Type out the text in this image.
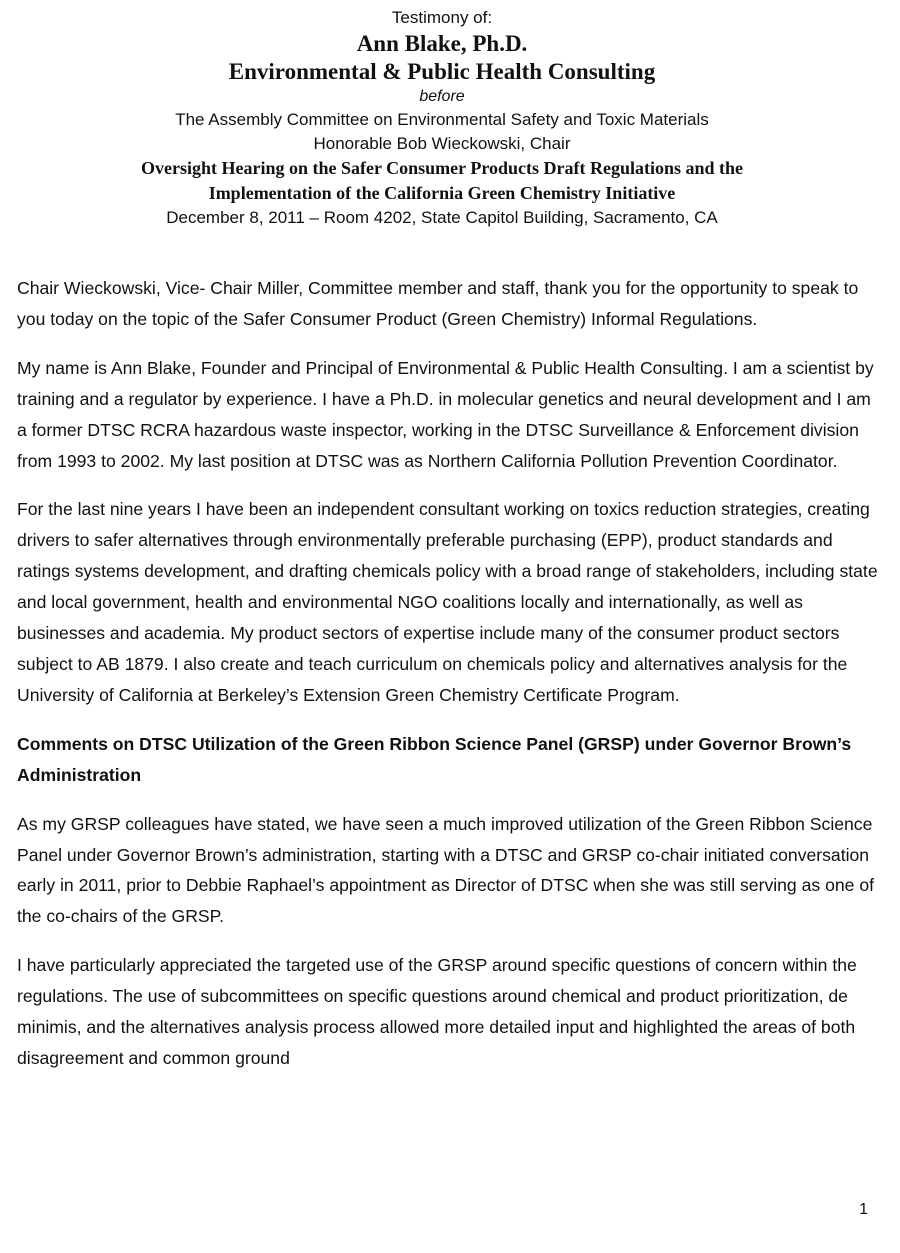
Testimony of:
Ann Blake, Ph.D.
Environmental & Public Health Consulting
before
The Assembly Committee on Environmental Safety and Toxic Materials
Honorable Bob Wieckowski, Chair
Oversight Hearing on the Safer Consumer Products Draft Regulations and the
Implementation of the California Green Chemistry Initiative
December 8, 2011 – Room 4202, State Capitol Building, Sacramento, CA

Chair Wieckowski, Vice- Chair Miller, Committee member and staff, thank you for the opportunity to speak to you today on the topic of the Safer Consumer Product (Green Chemistry) Informal Regulations.

My name is Ann Blake, Founder and Principal of Environmental & Public Health Consulting. I am a scientist by training and a regulator by experience. I have a Ph.D. in molecular genetics and neural development and I am a former DTSC RCRA hazardous waste inspector, working in the DTSC Surveillance & Enforcement division from 1993 to 2002. My last position at DTSC was as Northern California Pollution Prevention Coordinator.

For the last nine years I have been an independent consultant working on toxics reduction strategies, creating drivers to safer alternatives through environmentally preferable purchasing (EPP), product standards and ratings systems development, and drafting chemicals policy with a broad range of stakeholders, including state and local government, health and environmental NGO coalitions locally and internationally, as well as businesses and academia. My product sectors of expertise include many of the consumer product sectors subject to AB 1879. I also create and teach curriculum on chemicals policy and alternatives analysis for the University of California at Berkeley’s Extension Green Chemistry Certificate Program.

Comments on DTSC Utilization of the Green Ribbon Science Panel (GRSP) under Governor Brown’s Administration

As my GRSP colleagues have stated, we have seen a much improved utilization of the Green Ribbon Science Panel under Governor Brown’s administration, starting with a DTSC and GRSP co-chair initiated conversation early in 2011, prior to Debbie Raphael’s appointment as Director of DTSC when she was still serving as one of the co-chairs of the GRSP.

I have particularly appreciated the targeted use of the GRSP around specific questions of concern within the regulations. The use of subcommittees on specific questions around chemical and product prioritization, de minimis, and the alternatives analysis process allowed more detailed input and highlighted the areas of both disagreement and common ground

1
